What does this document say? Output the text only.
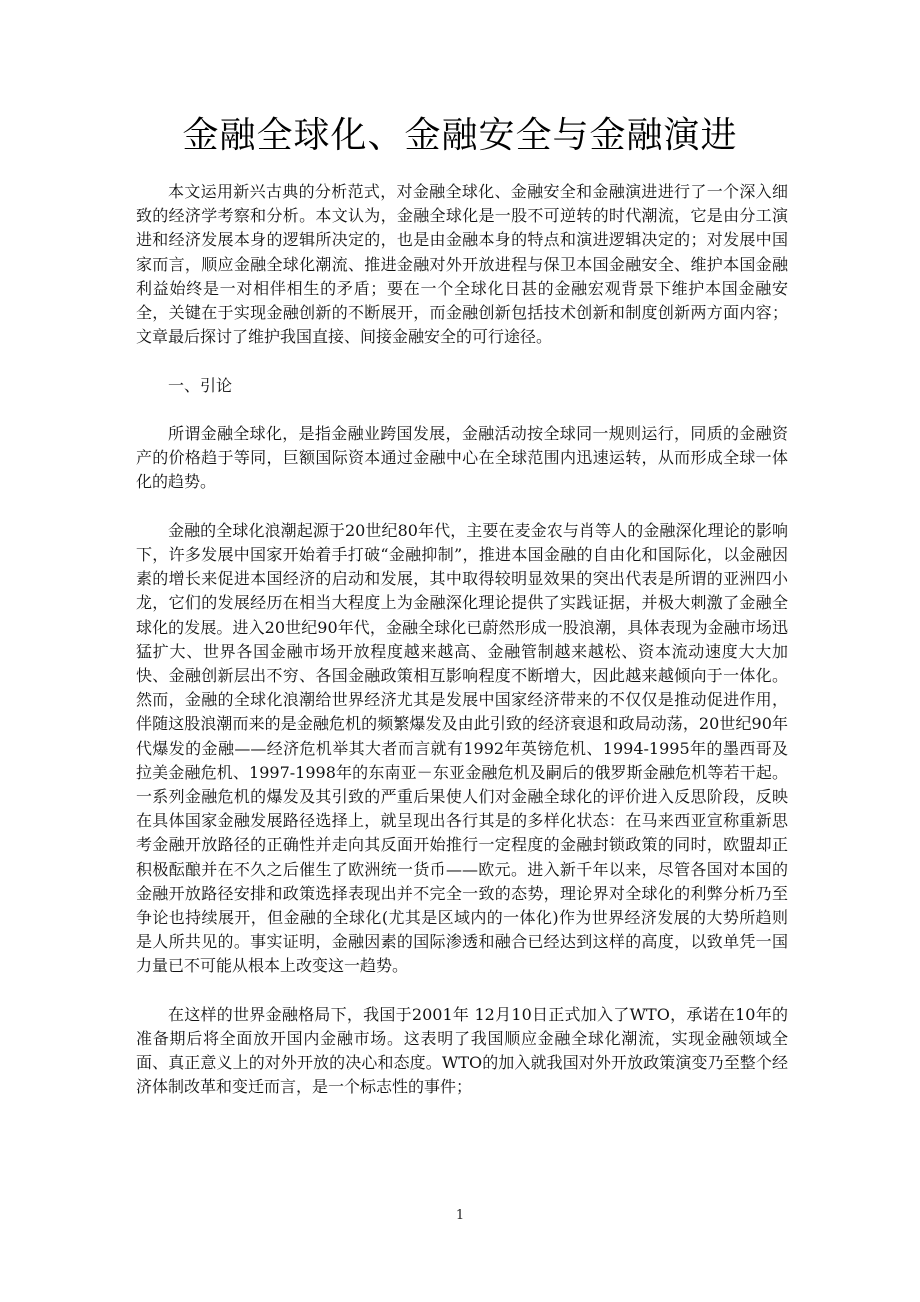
金融全球化、金融安全与金融演进

本文运用新兴古典的分析范式，对金融全球化、金融安全和金融演进进行了一个深入细致的经济学考察和分析。本文认为，金融全球化是一股不可逆转的时代潮流，它是由分工演进和经济发展本身的逻辑所决定的，也是由金融本身的特点和演进逻辑决定的；对发展中国家而言，顺应金融全球化潮流、推进金融对外开放进程与保卫本国金融安全、维护本国金融利益始终是一对相伴相生的矛盾；要在一个全球化日甚的金融宏观背景下维护本国金融安全，关键在于实现金融创新的不断展开，而金融创新包括技术创新和制度创新两方面内容；文章最后探讨了维护我国直接、间接金融安全的可行途径。

一、引论

所谓金融全球化，是指金融业跨国发展，金融活动按全球同一规则运行，同质的金融资产的价格趋于等同，巨额国际资本通过金融中心在全球范围内迅速运转，从而形成全球一体化的趋势。

金融的全球化浪潮起源于20世纪80年代，主要在麦金农与肖等人的金融深化理论的影响下，许多发展中国家开始着手打破“金融抑制”，推进本国金融的自由化和国际化，以金融因素的增长来促进本国经济的启动和发展，其中取得较明显效果的突出代表是所谓的亚洲四小龙，它们的发展经历在相当大程度上为金融深化理论提供了实践证据，并极大刺激了金融全球化的发展。进入20世纪90年代，金融全球化已蔚然形成一股浪潮，具体表现为金融市场迅猛扩大、世界各国金融市场开放程度越来越高、金融管制越来越松、资本流动速度大大加快、金融创新层出不穷、各国金融政策相互影响程度不断增大，因此越来越倾向于一体化。然而，金融的全球化浪潮给世界经济尤其是发展中国家经济带来的不仅仅是推动促进作用，伴随这股浪潮而来的是金融危机的频繁爆发及由此引致的经济衰退和政局动荡，20世纪90年代爆发的金融——经济危机举其大者而言就有1992年英镑危机、1994-1995年的墨西哥及拉美金融危机、1997-1998年的东南亚－东亚金融危机及嗣后的俄罗斯金融危机等若干起。一系列金融危机的爆发及其引致的严重后果使人们对金融全球化的评价进入反思阶段，反映在具体国家金融发展路径选择上，就呈现出各行其是的多样化状态：在马来西亚宣称重新思考金融开放路径的正确性并走向其反面开始推行一定程度的金融封锁政策的同时，欧盟却正积极酝酿并在不久之后催生了欧洲统一货币——欧元。进入新千年以来，尽管各国对本国的金融开放路径安排和政策选择表现出并不完全一致的态势，理论界对全球化的利弊分析乃至争论也持续展开，但金融的全球化(尤其是区域内的一体化)作为世界经济发展的大势所趋则是人所共见的。事实证明，金融因素的国际渗透和融合已经达到这样的高度，以致单凭一国力量已不可能从根本上改变这一趋势。

在这样的世界金融格局下，我国于2001年 12月10日正式加入了WTO，承诺在10年的准备期后将全面放开国内金融市场。这表明了我国顺应金融全球化潮流，实现金融领域全面、真正意义上的对外开放的决心和态度。WTO的加入就我国对外开放政策演变乃至整个经济体制改革和变迁而言，是一个标志性的事件；

1
